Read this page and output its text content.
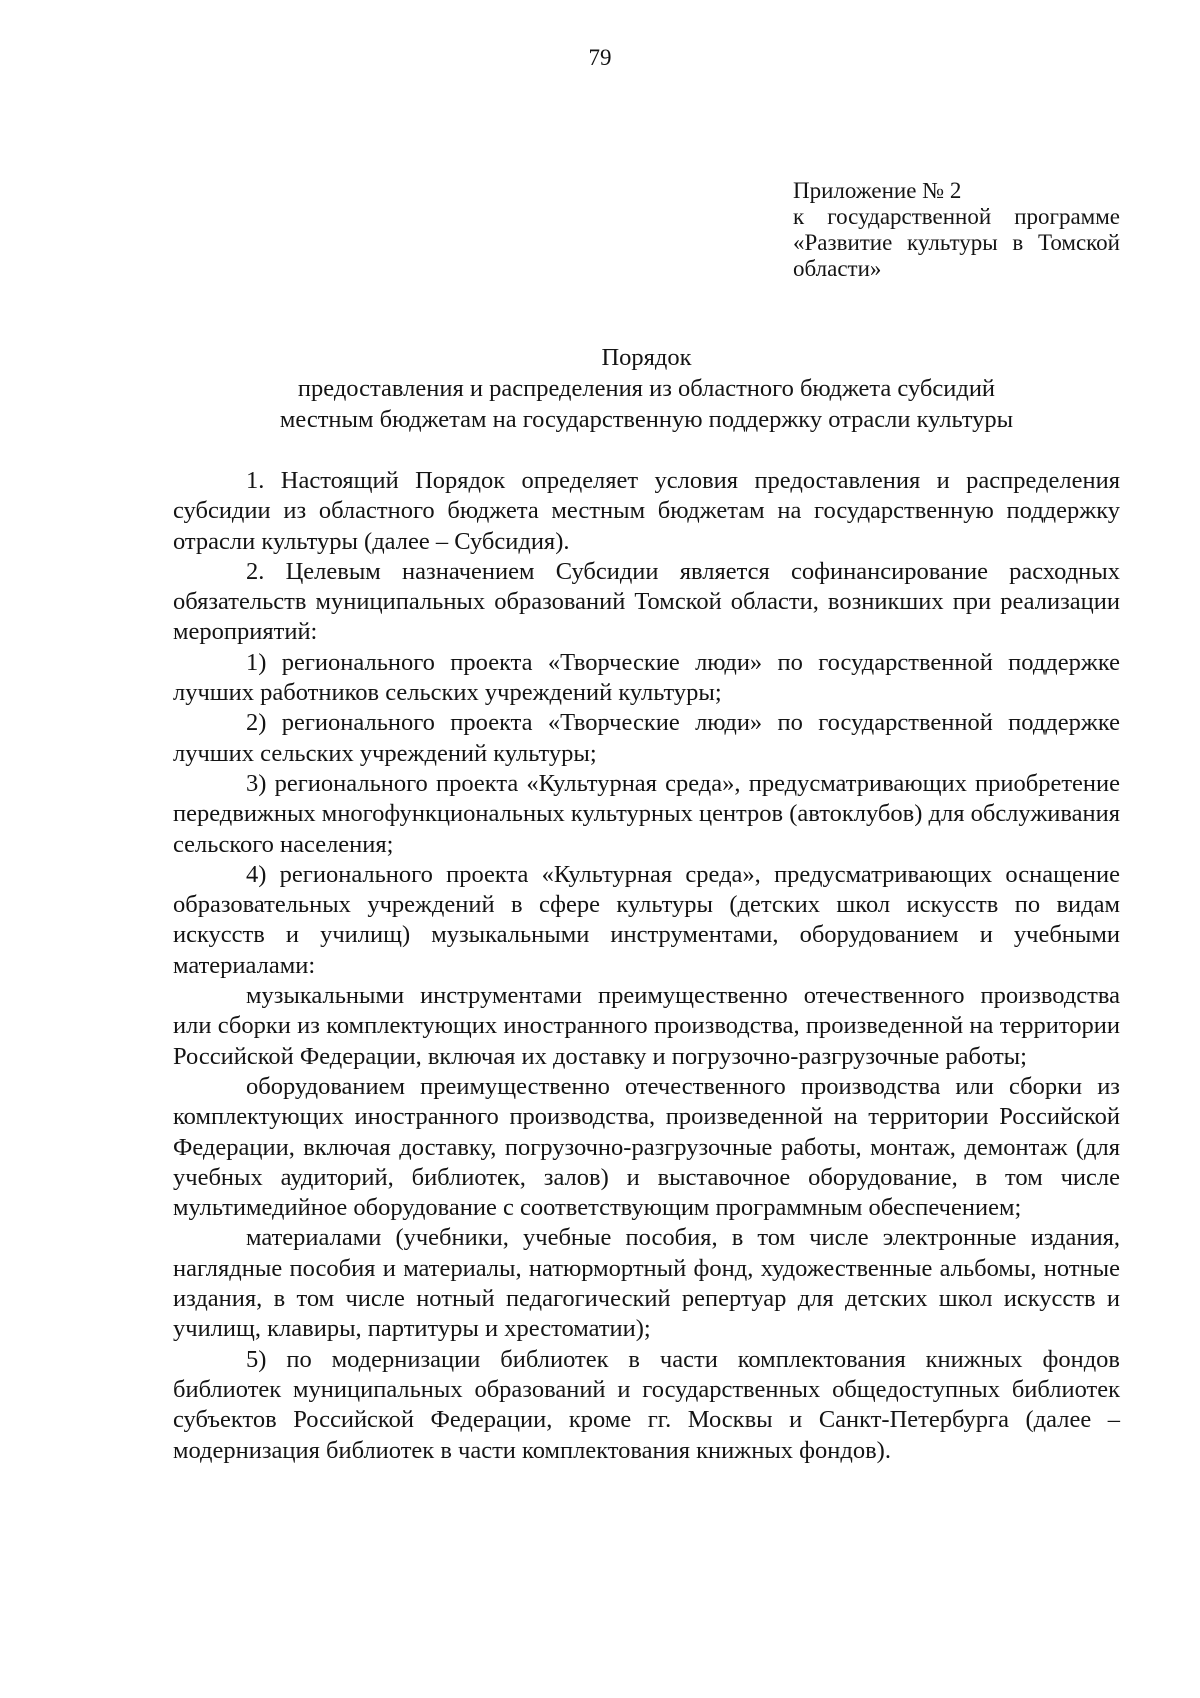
79
Приложение № 2
к государственной программе
«Развитие культуры в Томской
области»
Порядок
предоставления и распределения из областного бюджета субсидий
местным бюджетам на государственную поддержку отрасли культуры

1. Настоящий Порядок определяет условия предоставления и распределения субсидии из областного бюджета местным бюджетам на государственную поддержку отрасли культуры (далее – Субсидия).

2. Целевым назначением Субсидии является софинансирование расходных обязательств муниципальных образований Томской области, возникших при реализации мероприятий:

1) регионального проекта «Творческие люди» по государственной поддержке лучших работников сельских учреждений культуры;

2) регионального проекта «Творческие люди» по государственной поддержке лучших сельских учреждений культуры;

3) регионального проекта «Культурная среда», предусматривающих приобретение передвижных многофункциональных культурных центров (автоклубов) для обслуживания сельского населения;

4) регионального проекта «Культурная среда», предусматривающих оснащение образовательных учреждений в сфере культуры (детских школ искусств по видам искусств и училищ) музыкальными инструментами, оборудованием и учебными материалами:

музыкальными инструментами преимущественно отечественного производства или сборки из комплектующих иностранного производства, произведенной на территории Российской Федерации, включая их доставку и погрузочно-разгрузочные работы;

оборудованием преимущественно отечественного производства или сборки из комплектующих иностранного производства, произведенной на территории Российской Федерации, включая доставку, погрузочно-разгрузочные работы, монтаж, демонтаж (для учебных аудиторий, библиотек, залов) и выставочное оборудование, в том числе мультимедийное оборудование с соответствующим программным обеспечением;

материалами (учебники, учебные пособия, в том числе электронные издания, наглядные пособия и материалы, натюрмортный фонд, художественные альбомы, нотные издания, в том числе нотный педагогический репертуар для детских школ искусств и училищ, клавиры, партитуры и хрестоматии);

5) по модернизации библиотек в части комплектования книжных фондов библиотек муниципальных образований и государственных общедоступных библиотек субъектов Российской Федерации, кроме гг. Москвы и Санкт-Петербурга (далее – модернизация библиотек в части комплектования книжных фондов).
